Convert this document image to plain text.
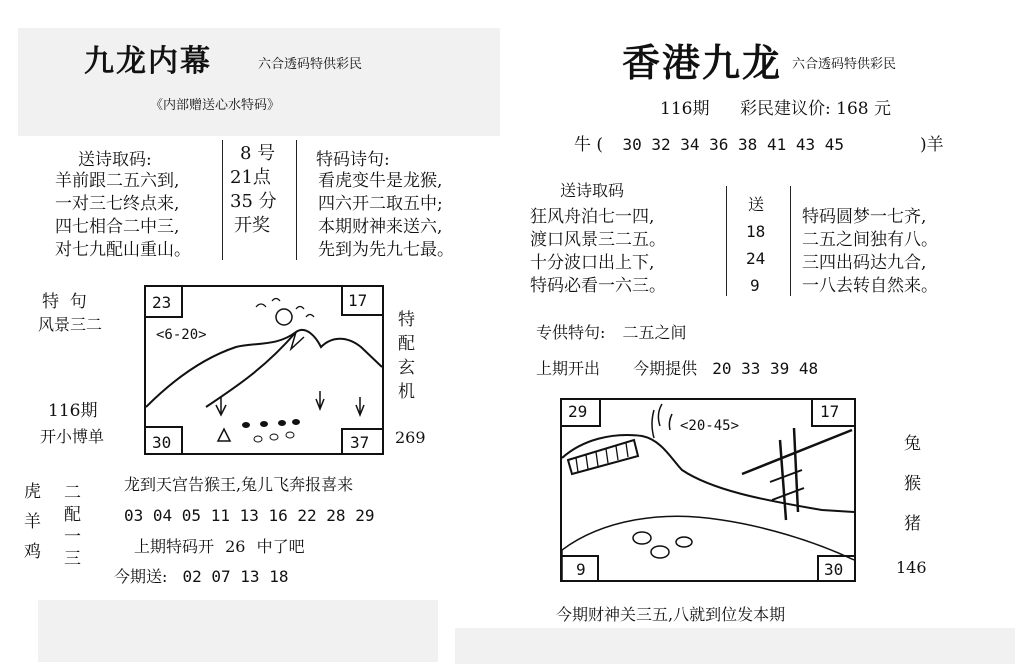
九龙内幕	六合透码特供彩民
《内部赠送心水特码》
送诗取码:
羊前跟二五六到,
一对三七终点来,
四七相合二中三,
对七九配山重山。
8 号
21点
35 分
开奖
特码诗句:
看虎变牛是龙猴,
四六开二取五中;
本期财神来送六,
先到为先九七最。
特  句
风景三二
116期
开小博单
23	17
30	37
<6-20>
特配玄机
269
虎
羊
鸡
二
配
一
三
龙到天宫告猴王,兔儿飞奔报喜来
03 04 05 11 13 16 22 28 29
上期特码开 26 中了吧
今期送: 02 07 13 18
香港九龙 六合透码特供彩民
116期 彩民建议价: 168 元
牛 ( 30 32 34 36 38 41 43 45	)羊
送诗取码
狂风舟泊七一四,
渡口风景三二五。
十分波口出上下,
特码必看一六三。
送
18
24
9
特码圆梦一七齐,
二五之间独有八。
三四出码达九合,
一八去转自然来。
专供特句: 二五之间
上期开出 今期提供 20 33 39 48
29	17
9	30
<20-45>
兔
猴
猪
146
今期财神关三五,八就到位发本期
